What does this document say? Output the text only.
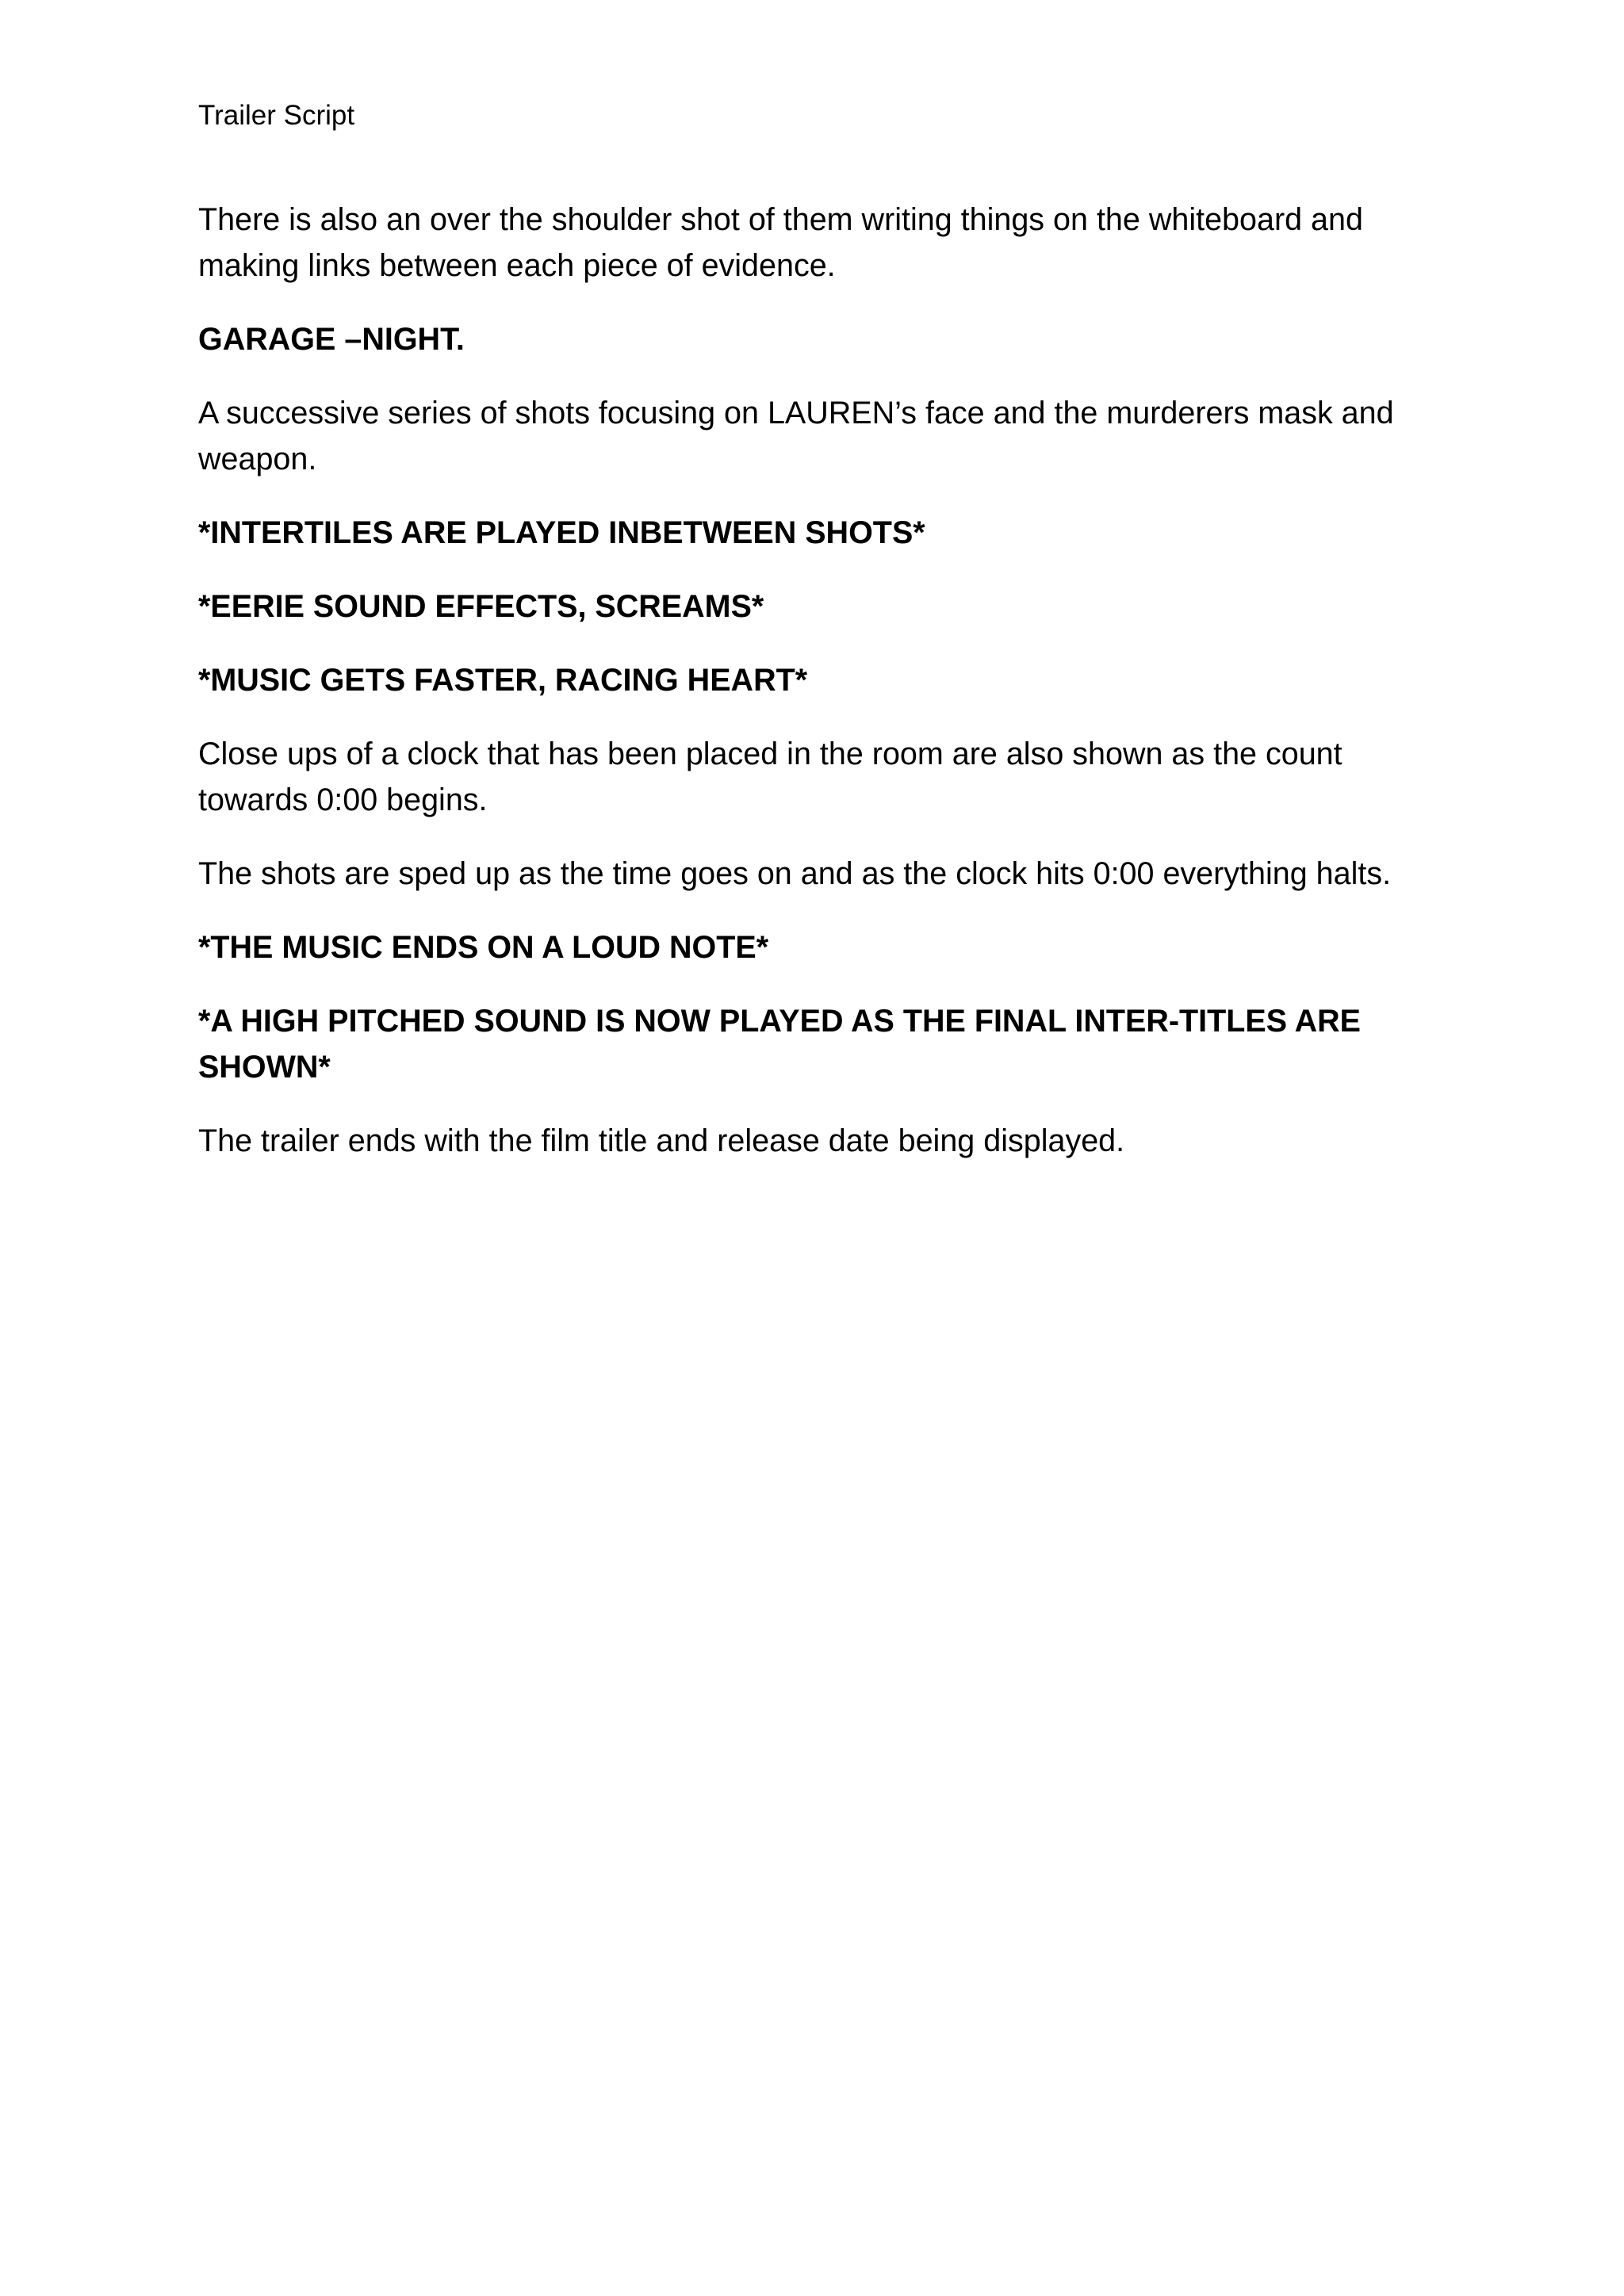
Trailer Script

There is also an over the shoulder shot of them writing things on the whiteboard and making links between each piece of evidence.

GARAGE –NIGHT.

A successive series of shots focusing on LAUREN’s face and the murderers mask and weapon.

*INTERTILES ARE PLAYED INBETWEEN SHOTS*

*EERIE SOUND EFFECTS, SCREAMS*

*MUSIC GETS FASTER, RACING HEART*

Close ups of a clock that has been placed in the room are also shown as the count towards 0:00 begins.

The shots are sped up as the time goes on and as the clock hits 0:00 everything halts.

*THE MUSIC ENDS ON A LOUD NOTE*

*A HIGH PITCHED SOUND IS NOW PLAYED AS THE FINAL INTER-TITLES ARE SHOWN*

The trailer ends with the film title and release date being displayed.
